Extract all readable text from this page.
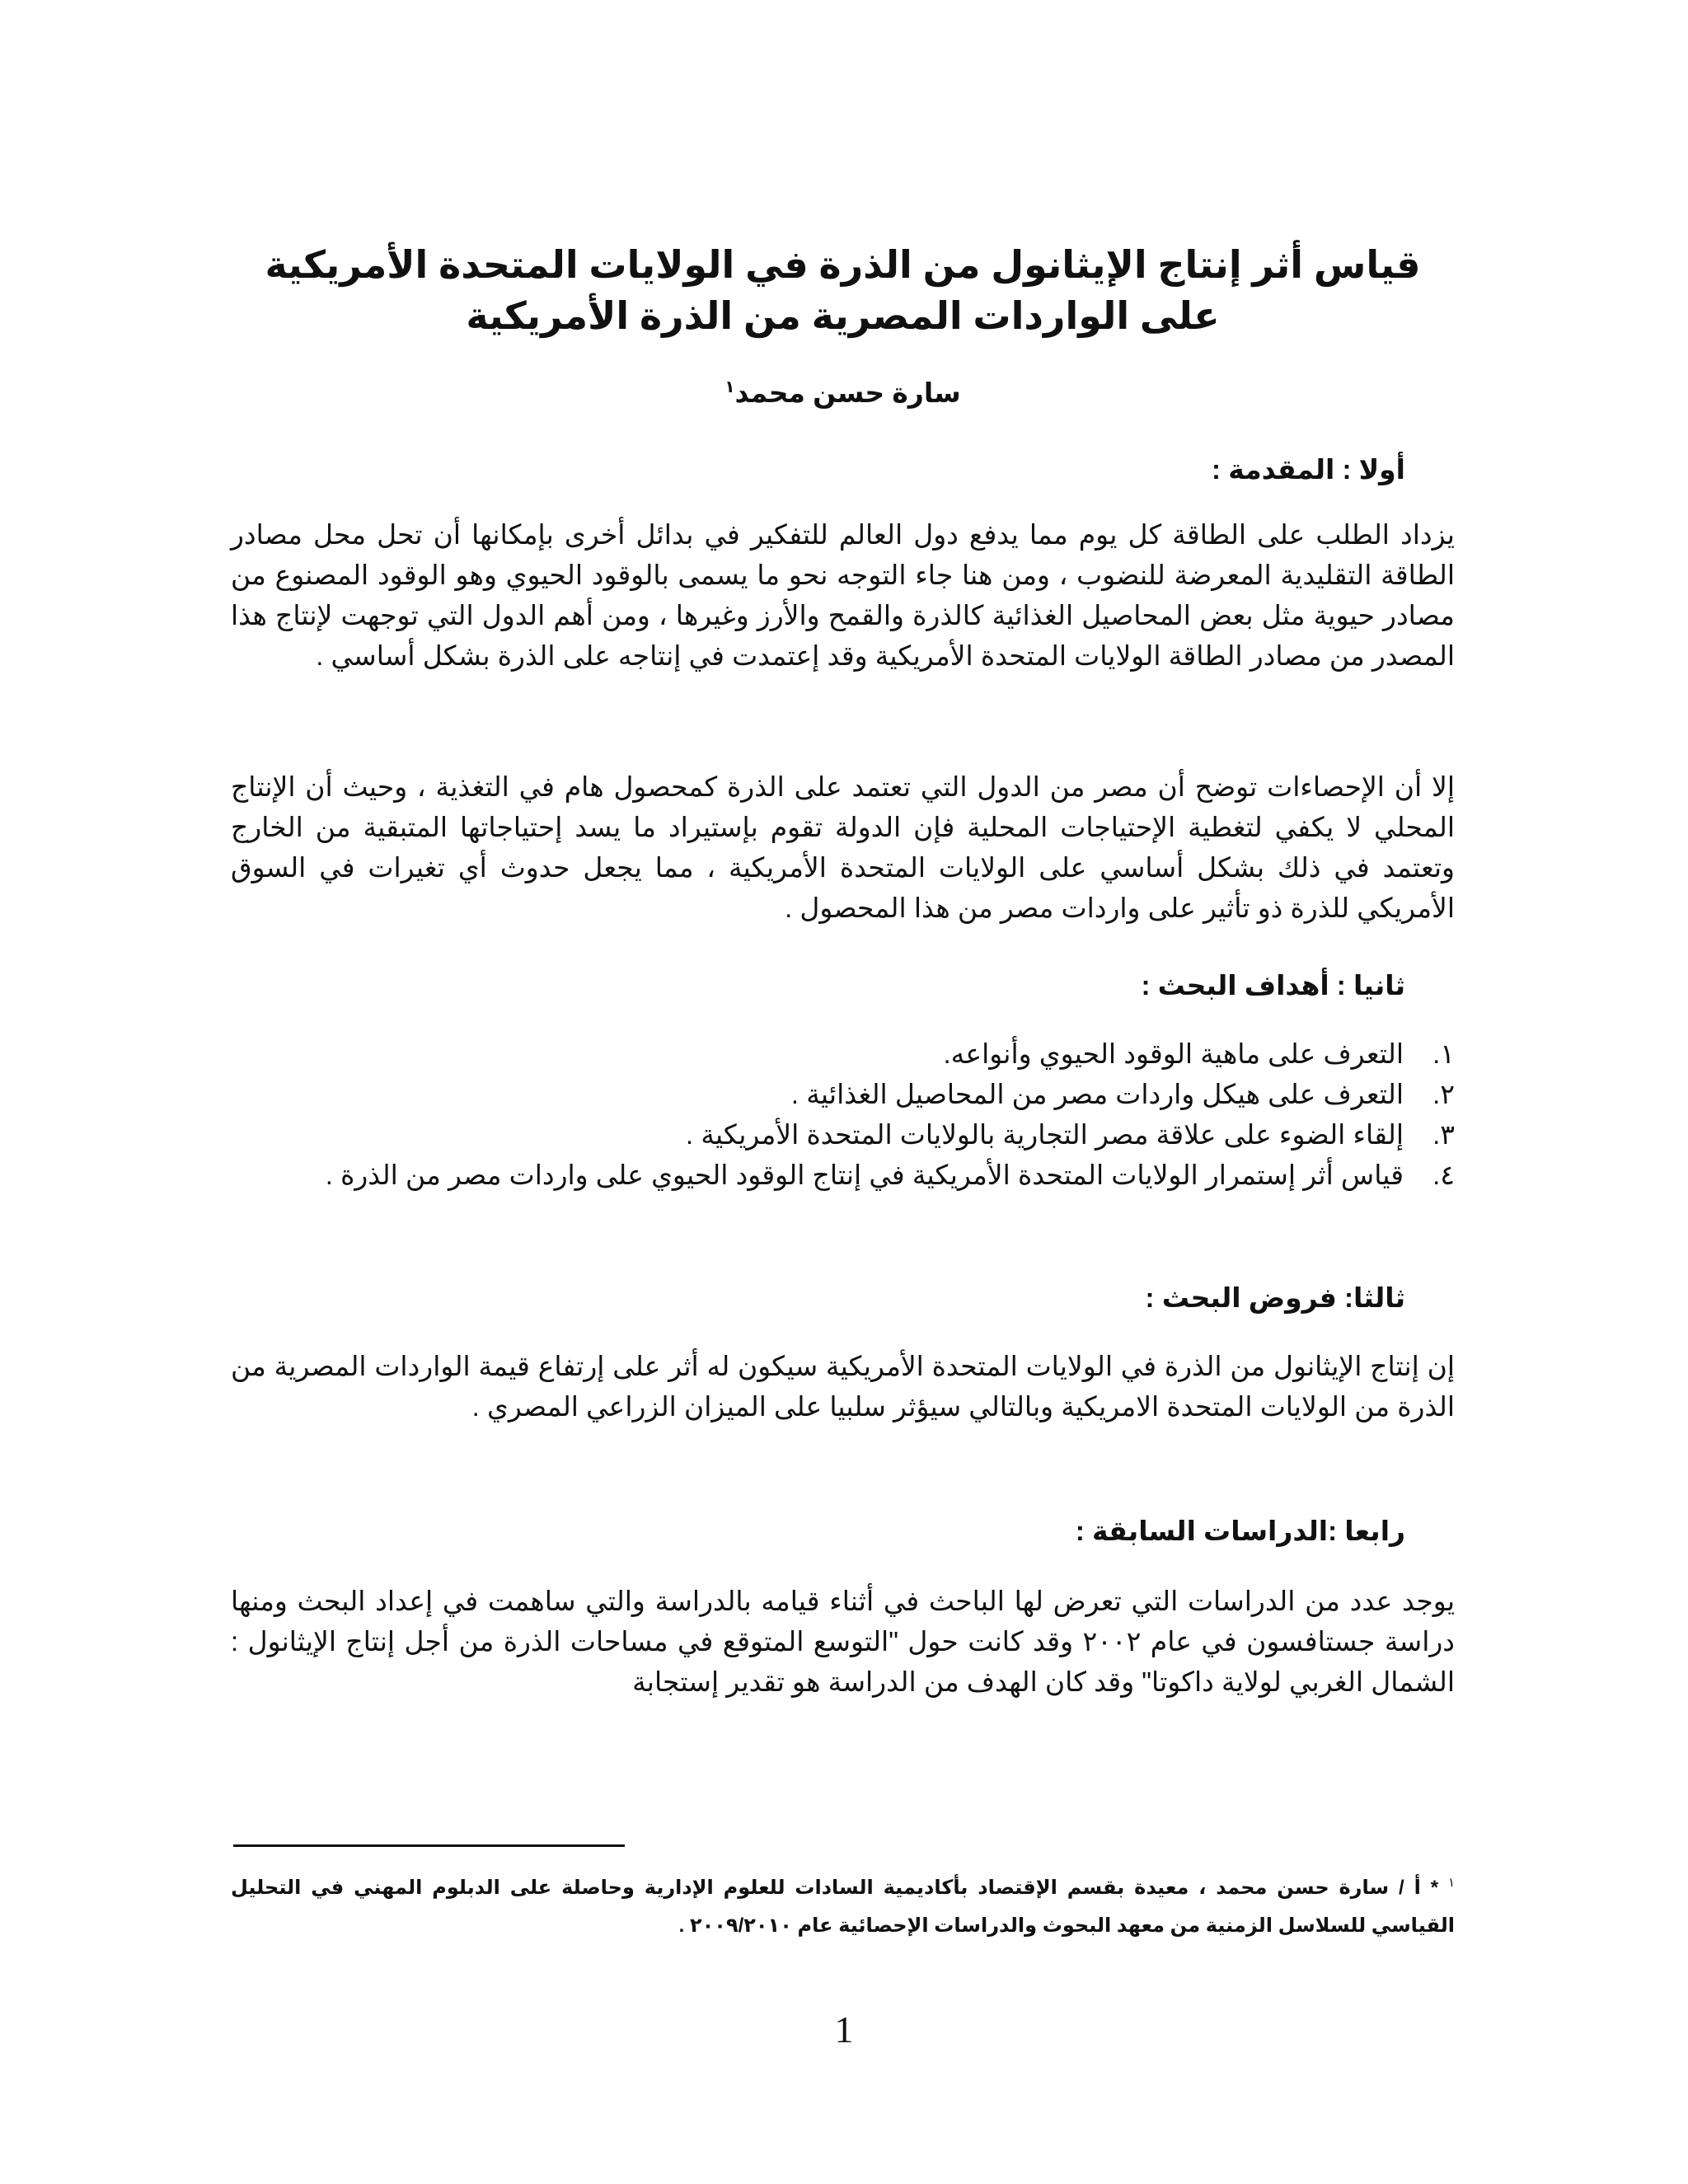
قياس أثر إنتاج الإيثانول من الذرة في الولايات المتحدة الأمريكية على الواردات المصرية من الذرة الأمريكية
سارة حسن محمد$^١$
أولا : المقدمة :
يزداد الطلب على الطاقة كل يوم مما يدفع دول العالم للتفكير في بدائل أخرى بإمكانها أن تحل محل مصادر الطاقة التقليدية المعرضة للنضوب ، ومن هنا جاء التوجه نحو ما يسمى بالوقود الحيوي وهو الوقود المصنوع من مصادر حيوية مثل بعض المحاصيل الغذائية كالذرة والقمح والأرز وغيرها ، ومن أهم الدول التي توجهت لإنتاج هذا المصدر من مصادر الطاقة الولايات المتحدة الأمريكية وقد إعتمدت في إنتاجه على الذرة بشكل أساسي .
إلا أن الإحصاءات توضح أن مصر من الدول التي تعتمد على الذرة كمحصول هام في التغذية ، وحيث أن الإنتاج المحلي لا يكفي لتغطية الإحتياجات المحلية فإن الدولة تقوم بإستيراد ما يسد إحتياجاتها المتبقية من الخارج وتعتمد في ذلك بشكل أساسي على الولايات المتحدة الأمريكية ، مما يجعل حدوث أي تغيرات في السوق الأمريكي للذرة ذو تأثير على واردات مصر من هذا المحصول .
ثانيا : أهداف البحث :
١.
التعرف على ماهية الوقود الحيوي وأنواعه.
٢.
التعرف على هيكل واردات مصر من المحاصيل الغذائية .
٣.
إلقاء الضوء على علاقة مصر التجارية بالولايات المتحدة الأمريكية .
٤.
قياس أثر إستمرار الولايات المتحدة الأمريكية في إنتاج الوقود الحيوي على واردات مصر من الذرة .
ثالثا: فروض البحث :
إن إنتاج الإيثانول من الذرة في الولايات المتحدة الأمريكية سيكون له أثر على إرتفاع قيمة الواردات المصرية من الذرة من الولايات المتحدة الامريكية وبالتالي سيؤثر سلبيا على الميزان الزراعي المصري .
رابعا :الدراسات السابقة :
يوجد عدد من الدراسات التي تعرض لها الباحث في أثناء قيامه بالدراسة والتي ساهمت في إعداد البحث ومنها دراسة جستافسون في عام ٢٠٠٢ وقد كانت حول "التوسع المتوقع في مساحات الذرة من أجل إنتاج الإيثانول : الشمال الغربي لولاية داكوتا" وقد كان الهدف من الدراسة هو تقدير إستجابة
$^١$ * أ / سارة حسن محمد ، معيدة بقسم الإقتصاد بأكاديمية السادات للعلوم الإدارية وحاصلة على الدبلوم المهني في التحليل القياسي للسلاسل الزمنية من معهد البحوث والدراسات الإحصائية عام ٢٠٠٩/٢٠١٠ .
1
